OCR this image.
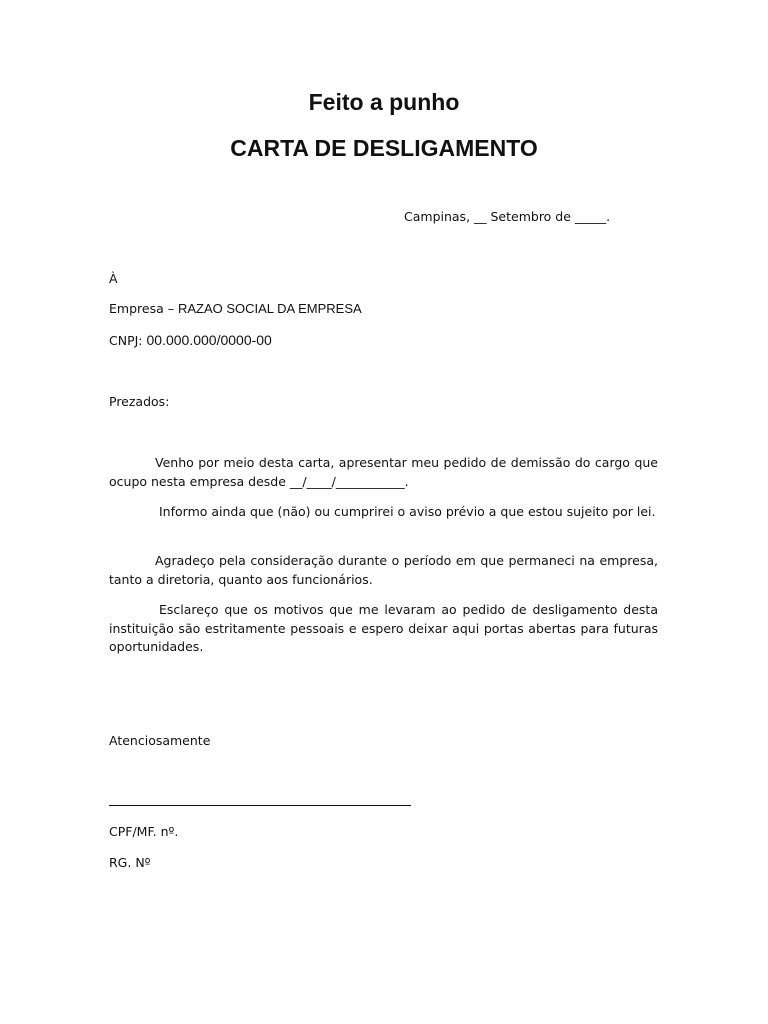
Feito a punho
CARTA DE DESLIGAMENTO
Campinas, __ Setembro de _____.
À
Empresa – RAZAO SOCIAL DA EMPRESA
CNPJ: 00.000.000/0000-00
Prezados:
Venho por meio desta carta, apresentar meu pedido de demissão do cargo que ocupo nesta empresa desde __/____/___________.
Informo ainda que (não) ou cumprirei o aviso prévio a que estou sujeito por lei.
Agradeço pela consideração durante o período em que permaneci na empresa, tanto a diretoria, quanto aos funcionários.
Esclareço que os motivos que me levaram ao pedido de desligamento desta instituição são estritamente pessoais e espero deixar aqui portas abertas para futuras oportunidades.
Atenciosamente
CPF/MF. nº.
RG. Nº
